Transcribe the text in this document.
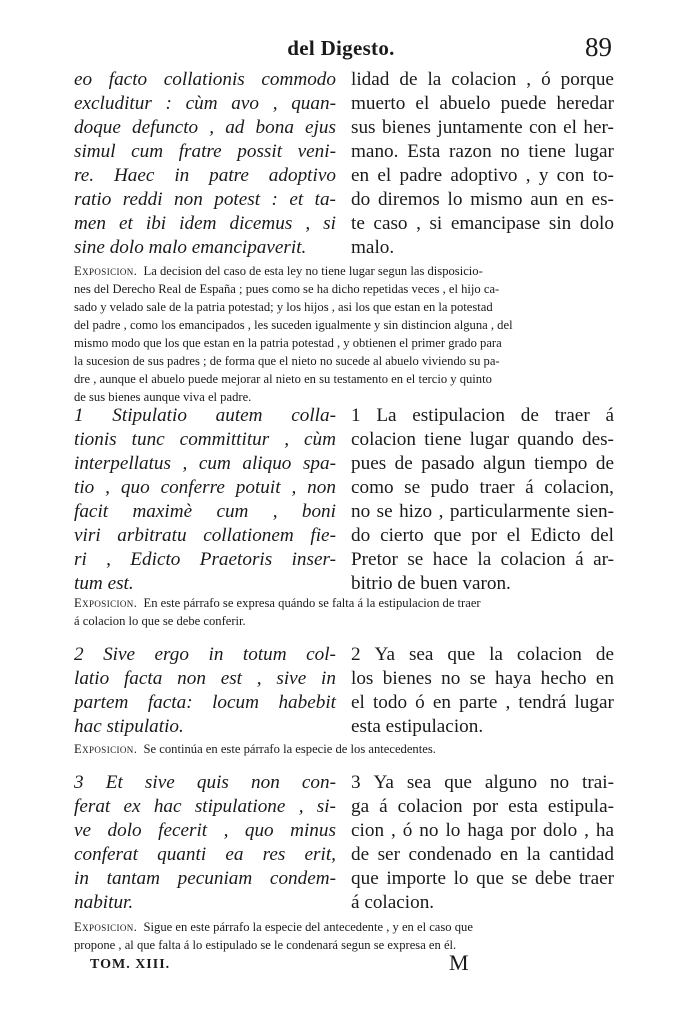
del Digesto.	89
eo facto collationis commodo
excluditur : cùm avo , quan-
doque defuncto , ad bona ejus
simul cum fratre possit veni-
re. Haec in patre adoptivo
ratio reddi non potest : et ta-
men et ibi idem dicemus , si
sine dolo malo emancipaverit.
lidad de la colacion , ó porque
muerto el abuelo puede heredar
sus bienes juntamente con el her-
mano. Esta razon no tiene lugar
en el padre adoptivo , y con to-
do diremos lo mismo aun en es-
te caso , si emancipase sin dolo
malo.
Exposicion. La decision del caso de esta ley no tiene lugar segun las disposicio-
nes del Derecho Real de España ; pues como se ha dicho repetidas veces , el hijo ca-
sado y velado sale de la patria potestad; y los hijos , asi los que estan en la potestad
del padre , como los emancipados , les suceden igualmente y sin distincion alguna , del
mismo modo que los que estan en la patria potestad , y obtienen el primer grado para
la sucesion de sus padres ; de forma que el nieto no sucede al abuelo viviendo su pa-
dre , aunque el abuelo puede mejorar al nieto en su testamento en el tercio y quinto
de sus bienes aunque viva el padre.
1 Stipulatio autem colla-
tionis tunc committitur , cùm
interpellatus , cum aliquo spa-
tio , quo conferre potuit , non
facit maximè cum , boni
viri arbitratu collationem fie-
ri , Edicto Praetoris inser-
tum est.
1 La estipulacion de traer á
colacion tiene lugar quando des-
pues de pasado algun tiempo de
como se pudo traer á colacion,
no se hizo , particularmente sien-
do cierto que por el Edicto del
Pretor se hace la colacion á ar-
bitrio de buen varon.
Exposicion. En este párrafo se expresa quándo se falta á la estipulacion de traer
á colacion lo que se debe conferir.
2 Sive ergo in totum col-
latio facta non est , sive in
partem facta: locum habebit
hac stipulatio.
2 Ya sea que la colacion de
los bienes no se haya hecho en
el todo ó en parte , tendrá lugar
esta estipulacion.
Exposicion. Se continúa en este párrafo la especie de los antecedentes.
3 Et sive quis non con-
ferat ex hac stipulatione , si-
ve dolo fecerit , quo minus
conferat quanti ea res erit,
in tantam pecuniam condem-
nabitur.
3 Ya sea que alguno no trai-
ga á colacion por esta estipula-
cion , ó no lo haga por dolo , ha
de ser condenado en la cantidad
que importe lo que se debe traer
á colacion.
Exposicion. Sigue en este párrafo la especie del antecedente , y en el caso que
propone , al que falta á lo estipulado se le condenará segun se expresa en él.
TOM. XIII.	M
